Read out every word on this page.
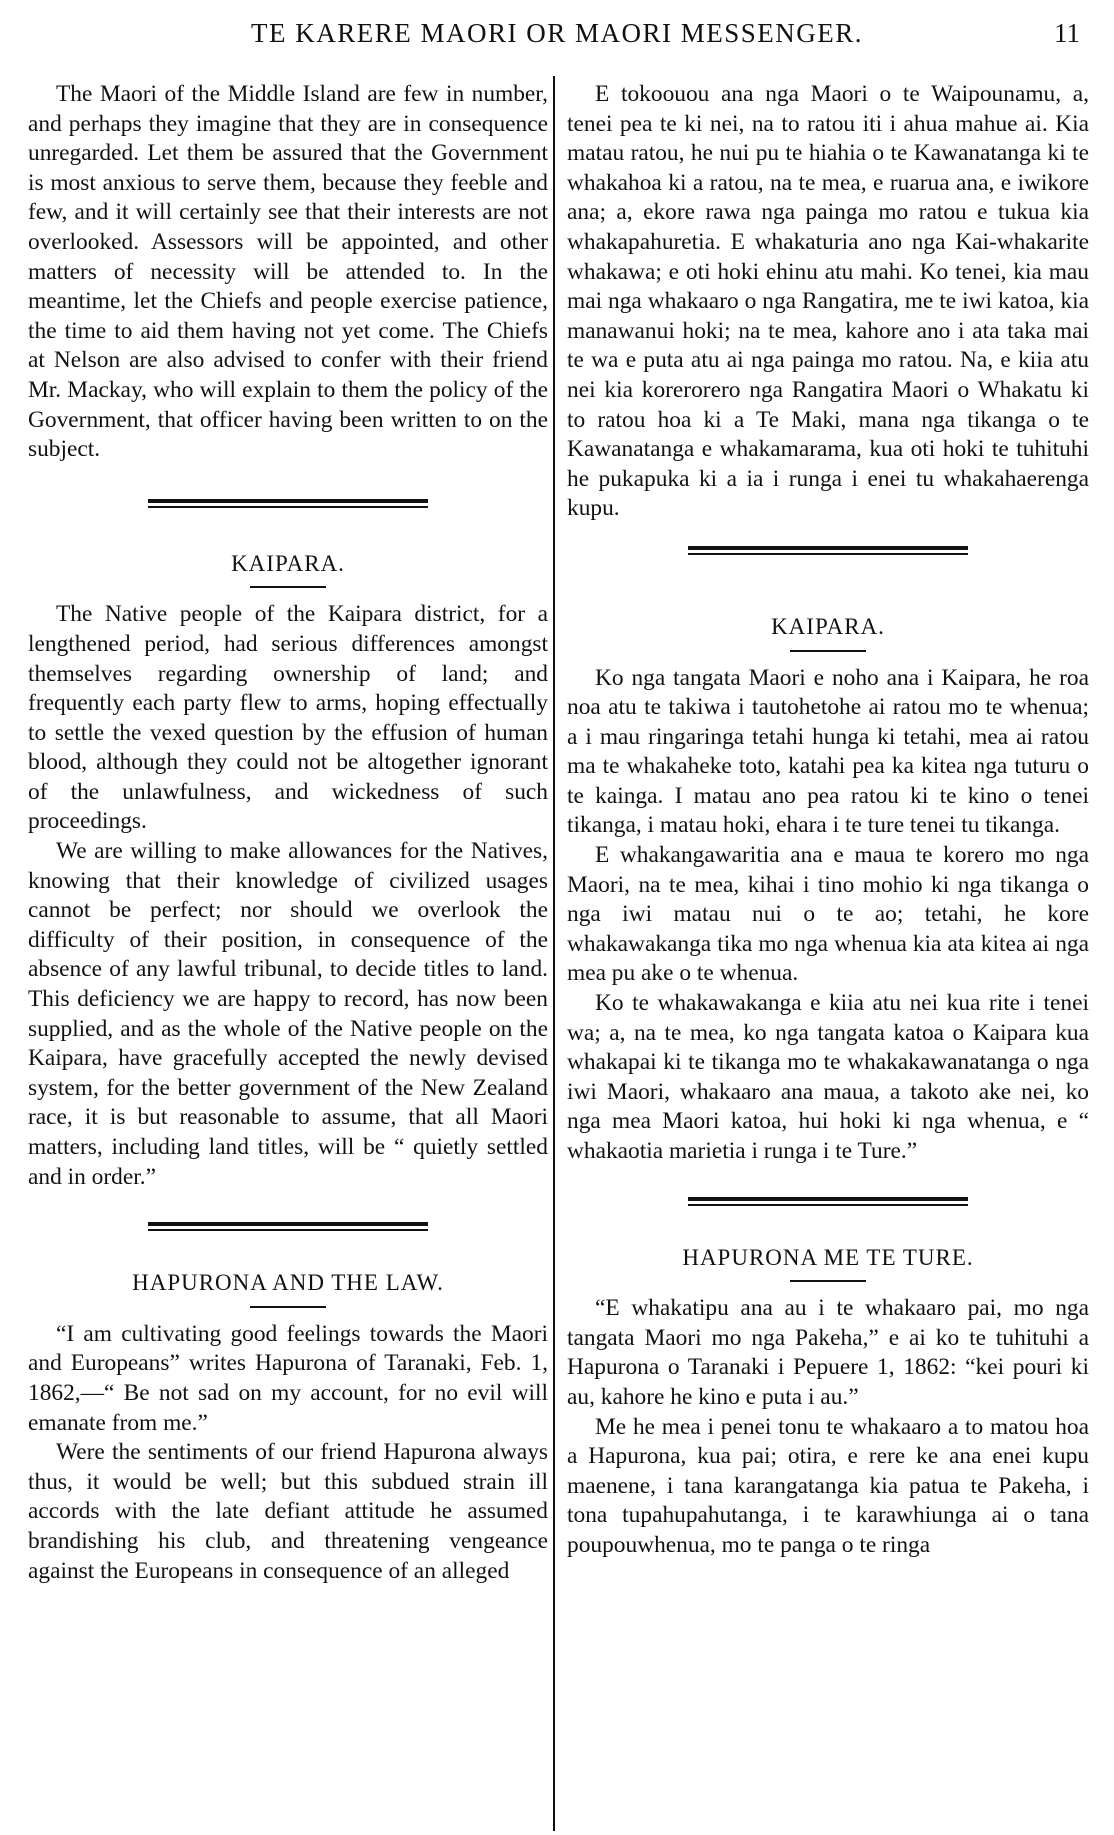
TE KARERE MAORI OR MAORI MESSENGER.	11

The Maori of the Middle Island are few in number, and perhaps they imagine that they are in consequence unregarded. Let them be assured that the Government is most anxious to serve them, because they feeble and few, and it will certainly see that their interests are not overlooked. Assessors will be appointed, and other matters of necessity will be attended to. In the meantime, let the Chiefs and people exercise patience, the time to aid them having not yet come. The Chiefs at Nelson are also advised to confer with their friend Mr. Mackay, who will explain to them the policy of the Government, that officer having been written to on the subject.

KAIPARA.

The Native people of the Kaipara district, for a lengthened period, had serious differences amongst themselves regarding ownership of land; and frequently each party flew to arms, hoping effectually to settle the vexed question by the effusion of human blood, although they could not be altogether ignorant of the unlawfulness, and wickedness of such proceedings.

We are willing to make allowances for the Natives, knowing that their knowledge of civilized usages cannot be perfect; nor should we overlook the difficulty of their position, in consequence of the absence of any lawful tribunal, to decide titles to land. This deficiency we are happy to record, has now been supplied, and as the whole of the Native people on the Kaipara, have gracefully accepted the newly devised system, for the better government of the New Zealand race, it is but reasonable to assume, that all Maori matters, including land titles, will be “ quietly settled and in order.”

HAPURONA AND THE LAW.

“I am cultivating good feelings towards the Maori and Europeans” writes Hapurona of Taranaki, Feb. 1, 1862,—“ Be not sad on my account, for no evil will emanate from me.”

Were the sentiments of our friend Hapurona always thus, it would be well; but this subdued strain ill accords with the late defiant attitude he assumed brandishing his club, and threatening vengeance against the Europeans in consequence of an alleged

E tokoouou ana nga Maori o te Waipounamu, a, tenei pea te ki nei, na to ratou iti i ahua mahue ai. Kia matau ratou, he nui pu te hiahia o te Kawanatanga ki te whakahoa ki a ratou, na te mea, e ruarua ana, e iwikore ana; a, ekore rawa nga painga mo ratou e tukua kia whakapahuretia. E whakaturia ano nga Kai-whakarite whakawa; e oti hoki ehinu atu mahi. Ko tenei, kia mau mai nga whakaaro o nga Rangatira, me te iwi katoa, kia manawanui hoki; na te mea, kahore ano i ata taka mai te wa e puta atu ai nga painga mo ratou. Na, e kiia atu nei kia korerorero nga Rangatira Maori o Whakatu ki to ratou hoa ki a Te Maki, mana nga tikanga o te Kawanatanga e whakamarama, kua oti hoki te tuhituhi he pukapuka ki a ia i runga i enei tu whakahaerenga kupu.

KAIPARA.

Ko nga tangata Maori e noho ana i Kaipara, he roa noa atu te takiwa i tautohetohe ai ratou mo te whenua; a i mau ringaringa tetahi hunga ki tetahi, mea ai ratou ma te whakaheke toto, katahi pea ka kitea nga tuturu o te kainga. I matau ano pea ratou ki te kino o tenei tikanga, i matau hoki, ehara i te ture tenei tu tikanga.

E whakangawaritia ana e maua te korero mo nga Maori, na te mea, kihai i tino mohio ki nga tikanga o nga iwi matau nui o te ao; tetahi, he kore whakawakanga tika mo nga whenua kia ata kitea ai nga mea pu ake o te whenua.

Ko te whakawakanga e kiia atu nei kua rite i tenei wa; a, na te mea, ko nga tangata katoa o Kaipara kua whakapai ki te tikanga mo te whakakawanatanga o nga iwi Maori, whakaaro ana maua, a takoto ake nei, ko nga mea Maori katoa, hui hoki ki nga whenua, e “ whakaotia marietia i runga i te Ture.”

HAPURONA ME TE TURE.

“E whakatipu ana au i te whakaaro pai, mo nga tangata Maori mo nga Pakeha,” e ai ko te tuhituhi a Hapurona o Taranaki i Pepuere 1, 1862: “kei pouri ki au, kahore he kino e puta i au.”

Me he mea i penei tonu te whakaaro a to matou hoa a Hapurona, kua pai; otira, e rere ke ana enei kupu maenene, i tana karangatanga kia patua te Pakeha, i tona tupahupahutanga, i te karawhiunga ai o tana poupouwhenua, mo te panga o te ringa
